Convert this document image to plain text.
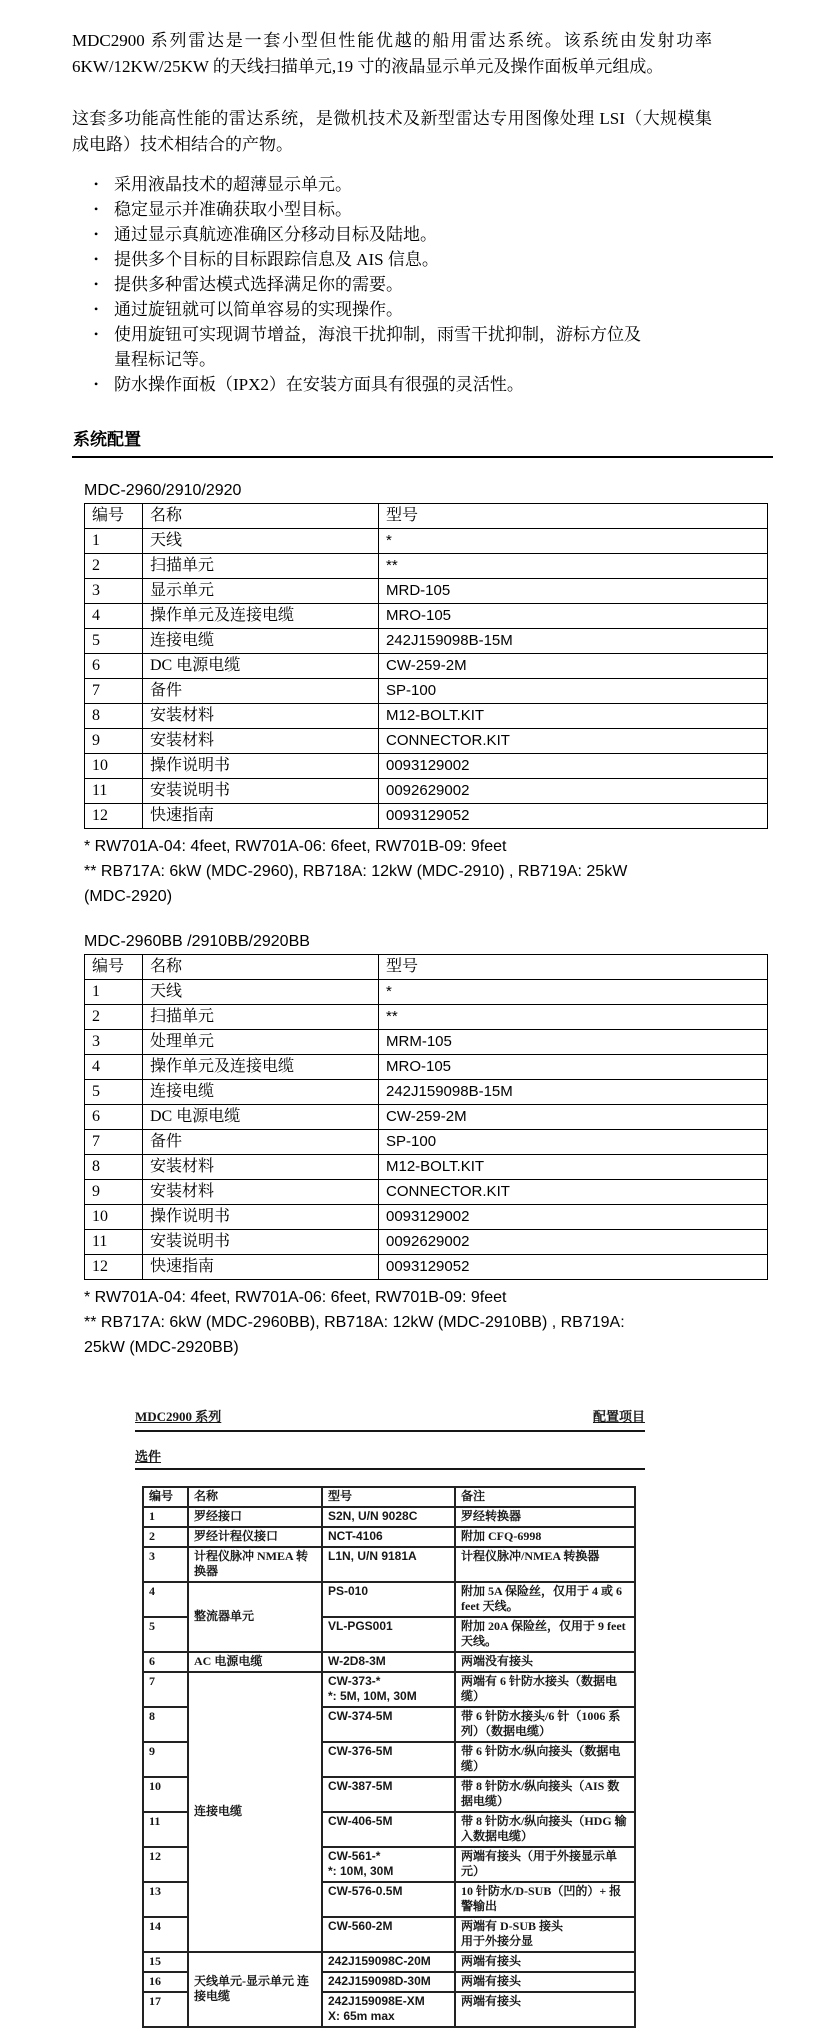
MDC2900 系列雷达是一套小型但性能优越的船用雷达系统。该系统由发射功率 6KW/12KW/25KW 的天线扫描单元,19 寸的液晶显示单元及操作面板单元组成。

这套多功能高性能的雷达系统，是微机技术及新型雷达专用图像处理 LSI（大规模集成电路）技术相结合的产物。

• 采用液晶技术的超薄显示单元。
• 稳定显示并准确获取小型目标。
• 通过显示真航迹准确区分移动目标及陆地。
• 提供多个目标的目标跟踪信息及 AIS 信息。
• 提供多种雷达模式选择满足你的需要。
• 通过旋钮就可以简单容易的实现操作。
• 使用旋钮可实现调节增益，海浪干扰抑制，雨雪干扰抑制，游标方位及量程标记等。
• 防水操作面板（IPX2）在安装方面具有很强的灵活性。
系统配置
MDC-2960/2910/2920
编号	名称	型号
1	天线	*
2	扫描单元	**
3	显示单元	MRD-105
4	操作单元及连接电缆	MRO-105
5	连接电缆	242J159098B-15M
6	DC 电源电缆	CW-259-2M
7	备件	SP-100
8	安装材料	M12-BOLT.KIT
9	安装材料	CONNECTOR.KIT
10	操作说明书	0093129002
11	安装说明书	0092629002
12	快速指南	0093129052
* RW701A-04: 4feet, RW701A-06: 6feet, RW701B-09: 9feet
** RB717A: 6kW (MDC-2960), RB718A: 12kW (MDC-2910) , RB719A: 25kW
(MDC-2920)
MDC-2960BB /2910BB/2920BB
编号	名称	型号
1	天线	*
2	扫描单元	**
3	处理单元	MRM-105
4	操作单元及连接电缆	MRO-105
5	连接电缆	242J159098B-15M
6	DC 电源电缆	CW-259-2M
7	备件	SP-100
8	安装材料	M12-BOLT.KIT
9	安装材料	CONNECTOR.KIT
10	操作说明书	0093129002
11	安装说明书	0092629002
12	快速指南	0093129052
* RW701A-04: 4feet, RW701A-06: 6feet, RW701B-09: 9feet
** RB717A: 6kW (MDC-2960BB), RB718A: 12kW (MDC-2910BB) , RB719A:
25kW (MDC-2920BB)
MDC2900 系列	配置项目
选件
编号	名称	型号	备注
1	罗经接口	S2N, U/N 9028C	罗经转换器

2	罗经计程仪接口	NCT-4106	附加 CFQ-6998

3	计程仪脉冲 NMEA 转换器	L1N, U/N 9181A	计程仪脉冲/NMEA 转换器

4	整流器单元	PS-010	附加 5A 保险丝，仅用于 4 或 6 feet 天线。

5		VL-PGS001	附加 20A 保险丝，仅用于 9 feet 天线。

6	AC 电源电缆	W-2D8-3M	两端没有接头

7	连接电缆	CW-373-*
*: 5M, 10M, 30M	两端有 6 针防水接头（数据电缆）

8		CW-374-5M	带 6 针防水接头/6 针（1006 系列）（数据电缆）

9		CW-376-5M	带 6 针防水/纵向接头（数据电缆）

10		CW-387-5M	带 8 针防水/纵向接头（AIS 数据电缆）

11		CW-406-5M	带 8 针防水/纵向接头（HDG 输入数据电缆）

12		CW-561-*
*: 10M, 30M	两端有接头（用于外接显示单元）

13		CW-576-0.5M	10 针防水/D-SUB（凹的）+ 报警输出

14		CW-560-2M	两端有 D-SUB 接头
用于外接分显

15	天线单元-显示单元 连接电缆	242J159098C-20M	两端有接头

16		242J159098D-30M	两端有接头

17		242J159098E-XM
X: 65m max	两端有接头
